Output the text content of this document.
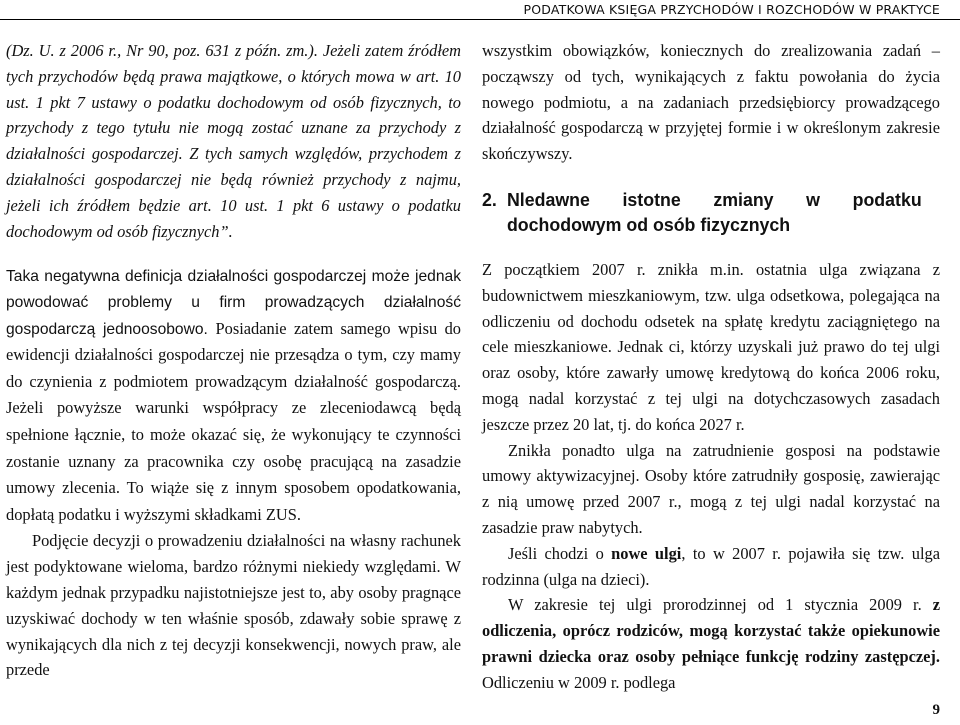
PODATKOWA KSIĘGA PRZYCHODÓW I ROZCHODÓW W PRAKTYCE

(Dz. U. z 2006 r., Nr 90, poz. 631 z późn. zm.). Jeżeli zatem źródłem tych przychodów będą prawa majątkowe, o których mowa w art. 10 ust. 1 pkt 7 ustawy o podatku dochodowym od osób fizycznych, to przychody z tego tytułu nie mogą zostać uznane za przychody z działalności gospodarczej. Z tych samych względów, przychodem z działalności gospodarczej nie będą również przychody z najmu, jeżeli ich źródłem będzie art. 10 ust. 1 pkt 6 ustawy o podatku dochodowym od osób fizycznych”.

Taka negatywna definicja działalności gospodarczej może jednak powodować problemy u firm prowadzących działalność gospodarczą jednoosobowo. Posiadanie zatem samego wpisu do ewidencji działalności gospodarczej nie przesądza o tym, czy mamy do czynienia z podmiotem prowadzącym działalność gospodarczą. Jeżeli powyższe warunki współpracy ze zleceniodawcą będą spełnione łącznie, to może okazać się, że wykonujący te czynności zostanie uznany za pracownika czy osobę pracującą na zasadzie umowy zlecenia. To wiąże się z innym sposobem opodatkowania, dopłatą podatku i wyższymi składkami ZUS.

Podjęcie decyzji o prowadzeniu działalności na własny rachunek jest podyktowane wieloma, bardzo różnymi niekiedy względami. W każdym jednak przypadku najistotniejsze jest to, aby osoby pragnące uzyskiwać dochody w ten właśnie sposób, zdawały sobie sprawę z wynikających dla nich z tej decyzji konsekwencji, nowych praw, ale przede

wszystkim obowiązków, koniecznych do zrealizowania zadań – począwszy od tych, wynikających z faktu powołania do życia nowego podmiotu, a na zadaniach przedsiębiorcy prowadzącego działalność gospodarczą w przyjętej formie i w określonym zakresie skończywszy.

2. Nledawne istotne zmiany w podatku dochodowym od osób fizycznych

Z początkiem 2007 r. znikła m.in. ostatnia ulga związana z budownictwem mieszkaniowym, tzw. ulga odsetkowa, polegająca na odliczeniu od dochodu odsetek na spłatę kredytu zaciągniętego na cele mieszkaniowe. Jednak ci, którzy uzyskali już prawo do tej ulgi oraz osoby, które zawarły umowę kredytową do końca 2006 roku, mogą nadal korzystać z tej ulgi na dotychczasowych zasadach jeszcze przez 20 lat, tj. do końca 2027 r.

Znikła ponadto ulga na zatrudnienie gosposi na podstawie umowy aktywizacyjnej. Osoby które zatrudniły gosposię, zawierając z nią umowę przed 2007 r., mogą z tej ulgi nadal korzystać na zasadzie praw nabytych.

Jeśli chodzi o nowe ulgi, to w 2007 r. pojawiła się tzw. ulga rodzinna (ulga na dzieci).

W zakresie tej ulgi prorodzinnej od 1 stycznia 2009 r. z odliczenia, oprócz rodziców, mogą korzystać także opiekunowie prawni dziecka oraz osoby pełniące funkcję rodziny zastępczej. Odliczeniu w 2009 r. podlega

9
